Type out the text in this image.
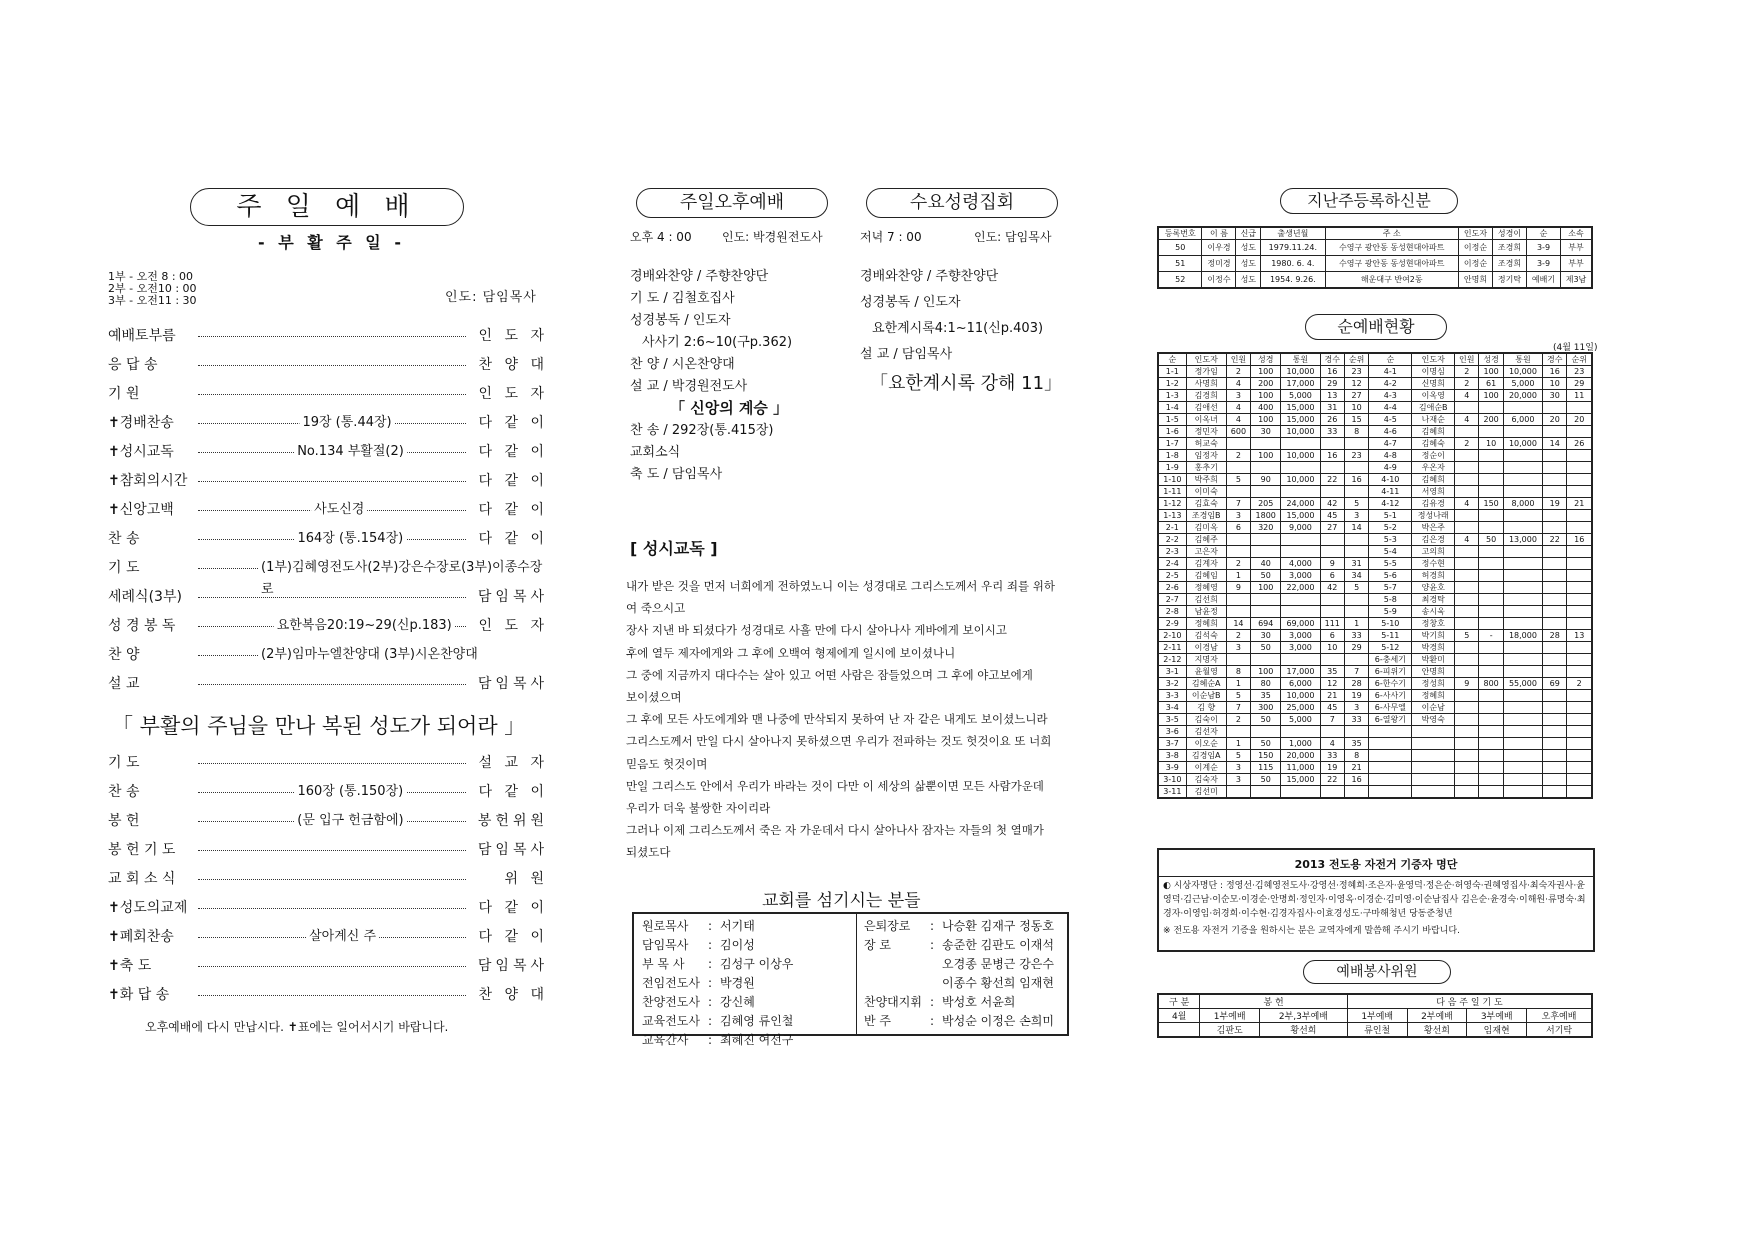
주 일 예 배
- 부 활 주 일 -
1부 - 오전 8 : 00
2부 - 오전10 : 00
3부 - 오전11 : 30	인도: 담임목사
예배토부름	인 도 자
응 답 송	찬 양 대
기 원	인 도 자
✝경배찬송	19장 (통.44장)	다 같 이
✝성시교독	No.134 부활절(2)	다 같 이
✝참회의시간	다 같 이
✝신앙고백	사도신경	다 같 이
찬 송	164장 (통.154장)	다 같 이
기 도	(1부)김혜영전도사(2부)강은수장로(3부)이종수장로
세례식(3부)	담임목사
성 경 봉 독	요한복음20:19~29(신p.183) 인 도 자
찬 양	(2부)임마누엘찬양대 (3부)시온찬양대
설 교	담임목사
「 부활의 주님을 만나 복된 성도가 되어라 」
기 도	설 교 자
찬 송	160장 (통.150장)	다 같 이
봉 헌	(문 입구 헌금함에)	봉헌위원
봉 헌 기 도	담임목사
교 회 소 식	위 원
✝성도의교제	다 같 이
✝폐회찬송	살아계신 주	다 같 이
✝축 도	담임목사
✝화 답 송	찬 양 대
오후예배에 다시 만납시다. ✝표에는 일어서시기 바랍니다.
주일오후예배	수요성령집회
오후 4 : 00	인도: 박경원전도사	저녁 7 : 00	인도: 담임목사
경배와찬양 / 주향찬양단
기 도 / 김철호집사
성경봉독 / 인도자
사사기 2:6~10(구p.362)
찬 양 / 시온찬양대
설 교 / 박경원전도사
「 신앙의 계승 」
찬 송 / 292장(통.415장)
교회소식
축 도 / 담임목사
경배와찬양 / 주향찬양단
성경봉독 / 인도자
요한계시록4:1~11(신p.403)
설 교 / 담임목사
「요한계시록 강해 11」
[ 성시교독 ]
내가 받은 것을 먼저 너희에게 전하였노니 이는 성경대로 그리스도께서 우리 죄를 위하
여 죽으시고
장사 지낸 바 되셨다가 성경대로 사흘 만에 다시 살아나사 게바에게 보이시고
후에 열두 제자에게와 그 후에 오백여 형제에게 일시에 보이셨나니
그 중에 지금까지 대다수는 살아 있고 어떤 사람은 잠들었으며 그 후에 야고보에게
보이셨으며
그 후에 모든 사도에게와 맨 나중에 만삭되지 못하여 난 자 같은 내게도 보이셨느니라
그리스도께서 만일 다시 살아나지 못하셨으면 우리가 전파하는 것도 헛것이요 또 너희
믿음도 헛것이며
만일 그리스도 안에서 우리가 바라는 것이 다만 이 세상의 삶뿐이면 모든 사람가운데
우리가 더욱 불쌍한 자이리라
그러나 이제 그리스도께서 죽은 자 가운데서 다시 살아나사 잠자는 자들의 첫 열매가
되셨도다
교회를 섬기시는 분들
원로목사	:	서기태
담임목사	:	김이성
부 목 사	:	김성구 이상우
전임전도사	:	박경원
찬양전도사	:	강신혜
교육전도사	:	김혜영 류인철
교육간사	:	최혜진 여선구
은퇴장로	:	나승환 김재구 정동호
장 로	:	송준한 김판도 이재석
		오경종 문병근 강은수
		이종수 황선희 임재현
찬양대지휘	:	박성호 서윤희
반 주	:	박성순 이정은 손희미
지난주등록하신분
등록번호	이 름	신급	출생년월	주 소	인도자	성경이	순	소속
50	이우경	성도	1979.11.24.	수영구 광안동 동성현대아파트	이정순	조경희	3-9	부부
51	정미경	성도	1980. 6. 4.	수영구 광안동 동성현대아파트	이정순	조경희	3-9	부부
52	이정수	성도	1954. 9.26.	해운대구 반여2동	안명희	정기탁	예배기	제3남
순예배현황
(4월 11일)
순	인도자	인원	성경	통원	경수	순위	순	인도자	인원	성경	통원	경수	순위
1-1	정가임	2	100	10,000	16	23	4-1	이명심	2	100	10,000	16	23
1-2	사명희	4	200	17,000	29	12	4-2	신명희	2	61	5,000	10	29
1-3	김경희	3	100	5,000	13	27	4-3	이옥영	4	100	20,000	30	11
1-4	김애선	4	400	15,000	31	10	4-4	김애순B					
1-5	이옥녀	4	100	15,000	26	15	4-5	나재순	4	200	6,000	20	20
1-6	정민자	600	30	10,000	33	8	4-6	김혜희					
1-7	허교숙						4-7	김혜숙	2	10	10,000	14	26
1-8	임정자	2	100	10,000	16	23	4-8	정순이					
1-9	홍추기						4-9	우온자					
1-10	박주희	5	90	10,000	22	16	4-10	김혜희					
1-11	이미숙						4-11	서영희					
1-12	김효숙	7	205	24,000	42	5	4-12	김유경	4	150	8,000	19	21
1-13	조경임B	3	1800	15,000	45	3	5-1	정성나래					
2-1	김미옥	6	320	9,000	27	14	5-2	박은주					
2-2	김혜주						5-3	김은경	4	50	13,000	22	16
2-3	고은자						5-4	고의희					
2-4	김계자	2	40	4,000	9	31	5-5	정수현					
2-5	김혜임	1	50	3,000	6	34	5-6	허경희					
2-6	정혜영	9	100	22,000	42	5	5-7	양윤호					
2-7	김선희						5-8	최경탁					
2-8	남윤정						5-9	송시욱					
2-9	정혜희	14	694	69,000	111	1	5-10	정창호					
2-10	김석숙	2	30	3,000	6	33	5-11	박기희	5	-	18,000	28	13
2-11	이경남	3	50	3,000	10	29	5-12	박경희					
2-12	지명자						6-충세기	박환미					
3-1	윤월영	8	100	17,000	35	7	6-피위기	안명희					
3-2	김혜순A	1	80	6,000	12	28	6-한수기	정성희	9	800	55,000	69	2
3-3	이순남B	5	35	10,000	21	19	6-사사기	정혜희					
3-4	김 향	7	300	25,000	45	3	6-사무엘	이순남					
3-5	김숙이	2	50	5,000	7	33	6-열왕기	박영숙					
3-6	김선자												
3-7	이오순	1	50	1,000	4	35							
3-8	김경임A	5	150	20,000	33	8							
3-9	이계순	3	115	11,000	19	21							
3-10	김숙자	3	50	15,000	22	16							
3-11	김선미												
2013 전도용 자전거 기증자 명단
◐ 시상자명단 : 정영선·김혜영전도사·강영선·정혜희·조은자·윤영덕·정은순·허영숙·권혜영집사·최숙자권사·윤영덕·김근남·이순모·이경순·안명희·정인자·이영옥·이경순·김미영·이순남집사 김은순·윤경숙·이해원·류명숙·최경자·이영임·허경희·이수현·김경자집사·이효경성도·구마해청년 당동준청년
※ 전도용 자전거 기증을 원하시는 분은 교역자에게 말씀해 주시기 바랍니다.
예배봉사위원
구 분	봉 헌		다 음 주 일 기 도			
4월	1부예배	2부,3부예배	1부예배	2부예배	3부예배	오후예배
	김판도	황선희	류인철	황선희	임재현	서기탁
